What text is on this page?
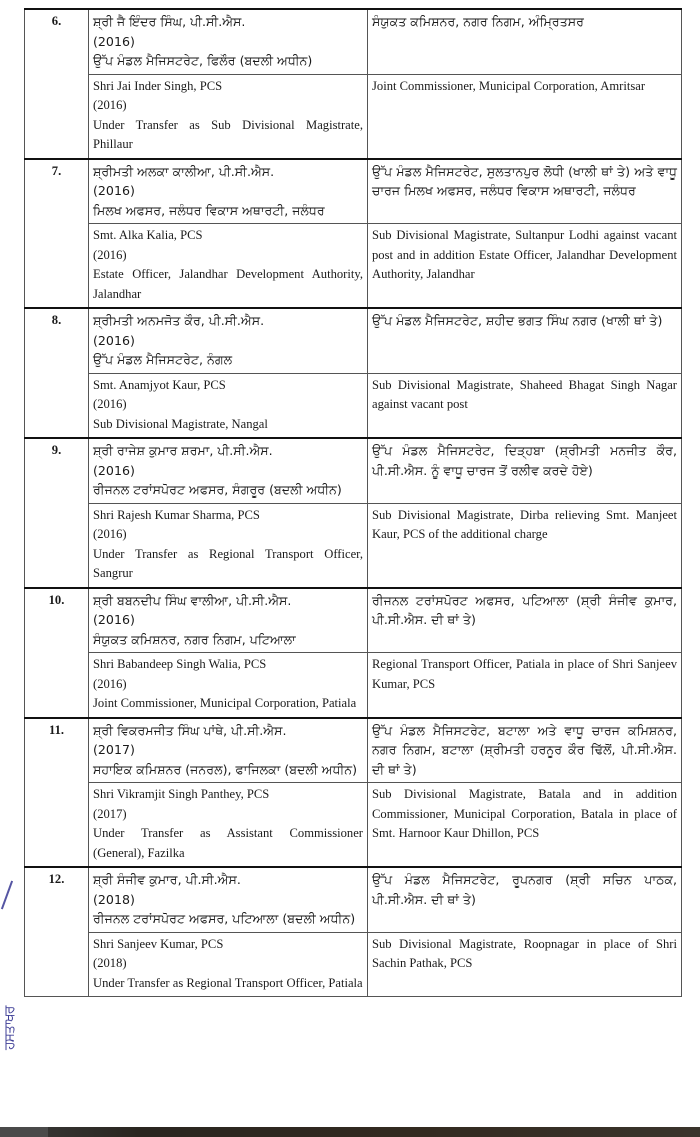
6.	ਸ਼੍ਰੀ ਜੈ ਇੰਦਰ ਸਿੰਘ, ਪੀ.ਸੀ.ਐਸ.
(2016)
ਉੱਪ ਮੰਡਲ ਮੈਜਿਸਟਰੇਟ, ਫਿਲੌਰ (ਬਦਲੀ ਅਧੀਨ)	ਸੰਯੁਕਤ ਕਮਿਸ਼ਨਰ, ਨਗਰ ਨਿਗਮ, ਅੰਮ੍ਰਿਤਸਰ

	Shri Jai Inder Singh, PCS
(2016)
Under Transfer as Sub Divisional Magistrate, Phillaur	Joint Commissioner, Municipal Corporation, Amritsar
7.	ਸ਼੍ਰੀਮਤੀ ਅਲਕਾ ਕਾਲੀਆ, ਪੀ.ਸੀ.ਐਸ.
(2016)
ਮਿਲਖ ਅਫਸਰ, ਜਲੰਧਰ ਵਿਕਾਸ ਅਥਾਰਟੀ, ਜਲੰਧਰ	ਉੱਪ ਮੰਡਲ ਮੈਜਿਸਟਰੇਟ, ਸੁਲਤਾਨਪੁਰ ਲੋਧੀ (ਖਾਲੀ ਥਾਂ ਤੇ) ਅਤੇ ਵਾਧੂ ਚਾਰਜ ਮਿਲਖ ਅਫਸਰ, ਜਲੰਧਰ ਵਿਕਾਸ ਅਥਾਰਟੀ, ਜਲੰਧਰ

	Smt. Alka Kalia, PCS
(2016)
Estate Officer, Jalandhar Development Authority, Jalandhar	Sub Divisional Magistrate, Sultanpur Lodhi against vacant post and in addition Estate Officer, Jalandhar Development Authority, Jalandhar
8.	ਸ਼੍ਰੀਮਤੀ ਅਨਮਜੋਤ ਕੌਰ, ਪੀ.ਸੀ.ਐਸ.
(2016)
ਉੱਪ ਮੰਡਲ ਮੈਜਿਸਟਰੇਟ, ਨੰਗਲ	ਉੱਪ ਮੰਡਲ ਮੈਜਿਸਟਰੇਟ, ਸ਼ਹੀਦ ਭਗਤ ਸਿੰਘ ਨਗਰ (ਖਾਲੀ ਥਾਂ ਤੇ)

	Smt. Anamjyot Kaur, PCS
(2016)
Sub Divisional Magistrate, Nangal	Sub Divisional Magistrate, Shaheed Bhagat Singh Nagar against vacant post
9.	ਸ਼੍ਰੀ ਰਾਜੇਸ਼ ਕੁਮਾਰ ਸ਼ਰਮਾ, ਪੀ.ਸੀ.ਐਸ.
(2016)
ਰੀਜਨਲ ਟਰਾਂਸਪੋਰਟ ਅਫਸਰ, ਸੰਗਰੂਰ (ਬਦਲੀ ਅਧੀਨ)	ਉੱਪ ਮੰਡਲ ਮੈਜਿਸਟਰੇਟ, ਦਿੜ੍ਹਬਾ (ਸ਼੍ਰੀਮਤੀ ਮਨਜੀਤ ਕੌਰ, ਪੀ.ਸੀ.ਐਸ. ਨੂੰ ਵਾਧੂ ਚਾਰਜ ਤੋਂ ਰਲੀਵ ਕਰਦੇ ਹੋਏ)

	Shri Rajesh Kumar Sharma, PCS
(2016)
Under Transfer as Regional Transport Officer, Sangrur	Sub Divisional Magistrate, Dirba relieving Smt. Manjeet Kaur, PCS of the additional charge
10.	ਸ਼੍ਰੀ ਬਬਨਦੀਪ ਸਿੰਘ ਵਾਲੀਆ, ਪੀ.ਸੀ.ਐਸ.
(2016)
ਸੰਯੁਕਤ ਕਮਿਸ਼ਨਰ, ਨਗਰ ਨਿਗਮ, ਪਟਿਆਲਾ	ਰੀਜਨਲ ਟਰਾਂਸਪੋਰਟ ਅਫਸਰ, ਪਟਿਆਲਾ (ਸ਼੍ਰੀ ਸੰਜੀਵ ਕੁਮਾਰ, ਪੀ.ਸੀ.ਐਸ. ਦੀ ਥਾਂ ਤੇ)

	Shri Babandeep Singh Walia, PCS
(2016)
Joint Commissioner, Municipal Corporation, Patiala	Regional Transport Officer, Patiala in place of Shri Sanjeev Kumar, PCS
11.	ਸ਼੍ਰੀ ਵਿਕਰਮਜੀਤ ਸਿੰਘ ਪਾਂਥੇ, ਪੀ.ਸੀ.ਐਸ.
(2017)
ਸਹਾਇਕ ਕਮਿਸ਼ਨਰ (ਜਨਰਲ), ਫਾਜਿਲਕਾ (ਬਦਲੀ ਅਧੀਨ)	ਉੱਪ ਮੰਡਲ ਮੈਜਿਸਟਰੇਟ, ਬਟਾਲਾ ਅਤੇ ਵਾਧੂ ਚਾਰਜ ਕਮਿਸ਼ਨਰ, ਨਗਰ ਨਿਗਮ, ਬਟਾਲਾ (ਸ਼੍ਰੀਮਤੀ ਹਰਨੂਰ ਕੌਰ ਢਿੱਲੋਂ, ਪੀ.ਸੀ.ਐਸ. ਦੀ ਥਾਂ ਤੇ)

	Shri Vikramjit Singh Panthey, PCS
(2017)
Under Transfer as Assistant Commissioner (General), Fazilka	Sub Divisional Magistrate, Batala and in addition Commissioner, Municipal Corporation, Batala in place of Smt. Harnoor Kaur Dhillon, PCS
12.	ਸ਼੍ਰੀ ਸੰਜੀਵ ਕੁਮਾਰ, ਪੀ.ਸੀ.ਐਸ.
(2018)
ਰੀਜਨਲ ਟਰਾਂਸਪੋਰਟ ਅਫਸਰ, ਪਟਿਆਲਾ (ਬਦਲੀ ਅਧੀਨ)	ਉੱਪ ਮੰਡਲ ਮੈਜਿਸਟਰੇਟ, ਰੂਪਨਗਰ (ਸ਼੍ਰੀ ਸਚਿਨ ਪਾਠਕ, ਪੀ.ਸੀ.ਐਸ. ਦੀ ਥਾਂ ਤੇ)

	Shri Sanjeev Kumar, PCS
(2018)
Under Transfer as Regional Transport Officer, Patiala	Sub Divisional Magistrate, Roopnagar in place of Shri Sachin Pathak, PCS
ਹਸਤਾਖਰ
